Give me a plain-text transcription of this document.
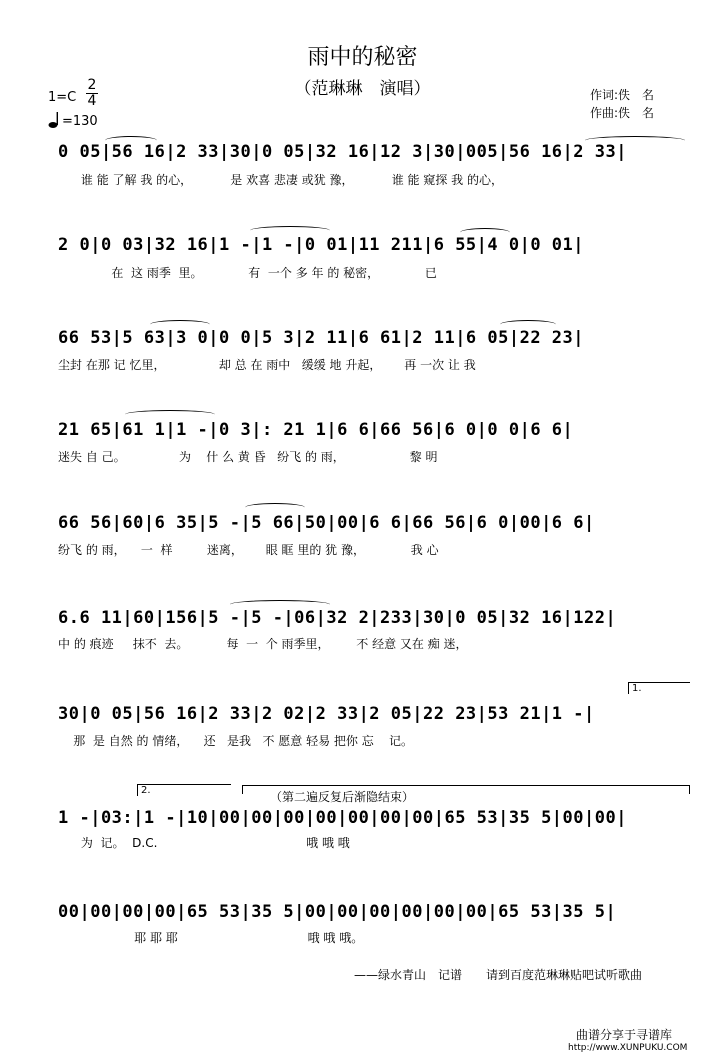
雨中的秘密
（范琳琳　演唱）	作词:佚　名
作曲:佚　名
1=C
2
4
=130
0 05|56 16|2 33|30|0 05|32 16|12 3|30|005|56 16|2 33|
谁 能 了解 我 的心，          是 欢喜 悲凄 或犹 豫，          谁 能 窥探 我 的心，
2 0|0 03|32 16|1 -|1 -|0 01|11 211|6 55|4 0|0 01|
在  这 雨季  里。            有  一个 多 年 的 秘密，            已
66 53|5 63|3 0|0 0|5 3|2 11|6 61|2 11|6 05|22 23|
尘封 在那 记 忆里，              却 总 在 雨中   缓缓 地 升起，      再 一次 让 我
21 65|61 1|1 -|0 3|: 21 1|6 6|66 56|6 0|0 0|6 6|
迷失 自 己。              为    什 么 黄 昏   纷飞 的 雨，                 黎 明
66 56|60|6 35|5 -|5 66|50|00|6 6|66 56|6 0|00|6 6|
纷飞 的 雨，    一  样         迷离，      眼 眶 里的 犹 豫，            我 心
6.6 11|60|156|5 -|5 -|06|32 2|233|30|0 05|32 16|122|
中 的 痕迹     抹不  去。          每  一  个 雨季里，       不 经意 又在 痴 迷，
30|0 05|56 16|2 33|2 02|2 33|2 05|22 23|53 21|1 -|
那  是 自然 的 情绪，    还   是我   不 愿意 轻易 把你 忘    记。
1.
2.	（第二遍反复后渐隐结束）
1 -|03:|1 -|10|00|00|00|00|00|00|00|65 53|35 5|00|00|
为  记。  D.C.                                       哦 哦 哦
00|00|00|00|65 53|35 5|00|00|00|00|00|00|65 53|35 5|
耶 耶 耶                                  哦 哦 哦。
——绿水青山　记谱　　请到百度范琳琳贴吧试听歌曲
曲谱分享于寻谱库
http://www.XUNPUKU.COM
